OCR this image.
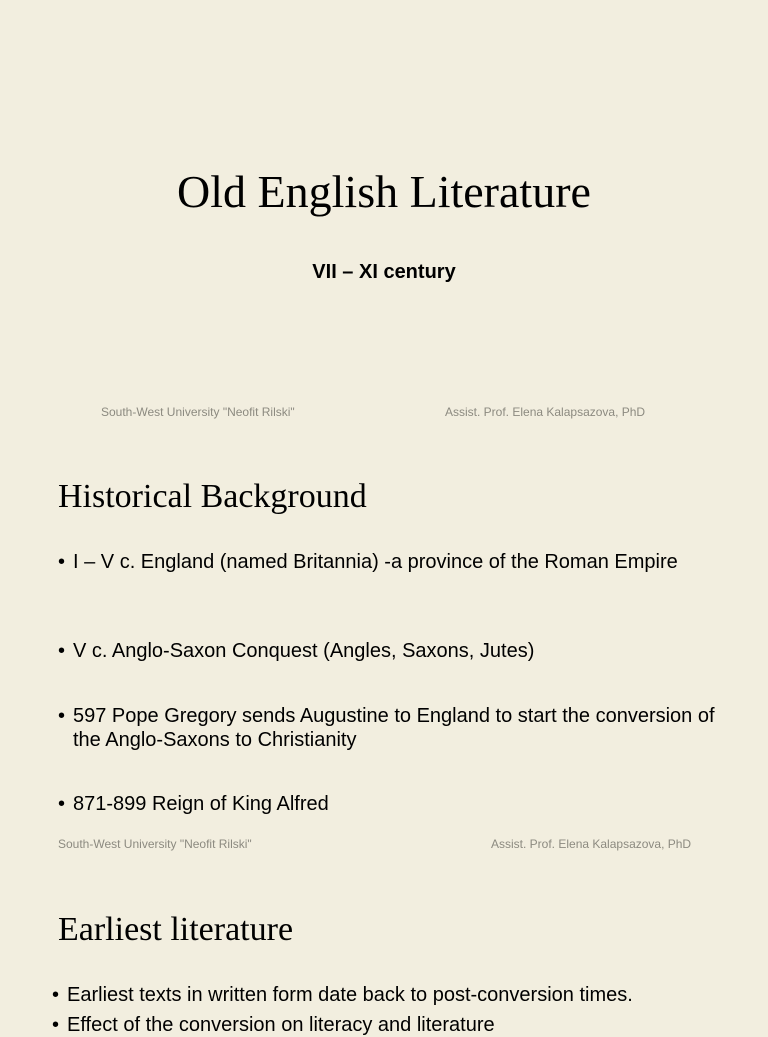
Old English Literature
VII – XI century
South-West University "Neofit Rilski"	Assist. Prof. Elena Kalapsazova, PhD
Historical Background
• I – V c. England (named Britannia) -a province of the Roman Empire
• V c. Anglo-Saxon Conquest (Angles, Saxons, Jutes)
• 597 Pope Gregory sends Augustine to England to start the conversion of the Anglo-Saxons to Christianity
• 871-899 Reign of King Alfred
South-West University "Neofit Rilski"	Assist. Prof. Elena Kalapsazova, PhD
Earliest literature
• Earliest texts in written form date back to post-conversion times.
• Effect of the conversion on literacy and literature
